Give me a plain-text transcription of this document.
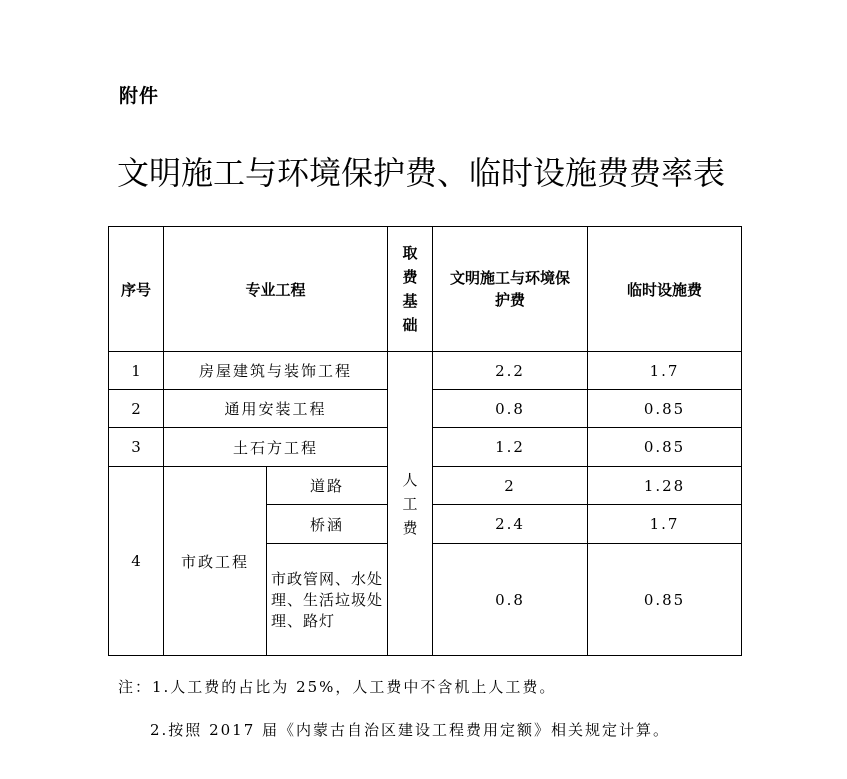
附件
文明施工与环境保护费、临时设施费费率表
序号	专业工程		取费基础	文明施工与环境保护费	临时设施费
1	房屋建筑与装饰工程		人工费	2.2	1.7
2	通用安装工程			0.8	0.85
3	土石方工程			1.2	0.85
4	市政工程	道路		2	1.28
		桥涵		2.4	1.7
		市政管网、水处理、生活垃圾处理、路灯		0.8	0.85
注：1.人工费的占比为 25%，人工费中不含机上人工费。
2.按照 2017 届《内蒙古自治区建设工程费用定额》相关规定计算。
